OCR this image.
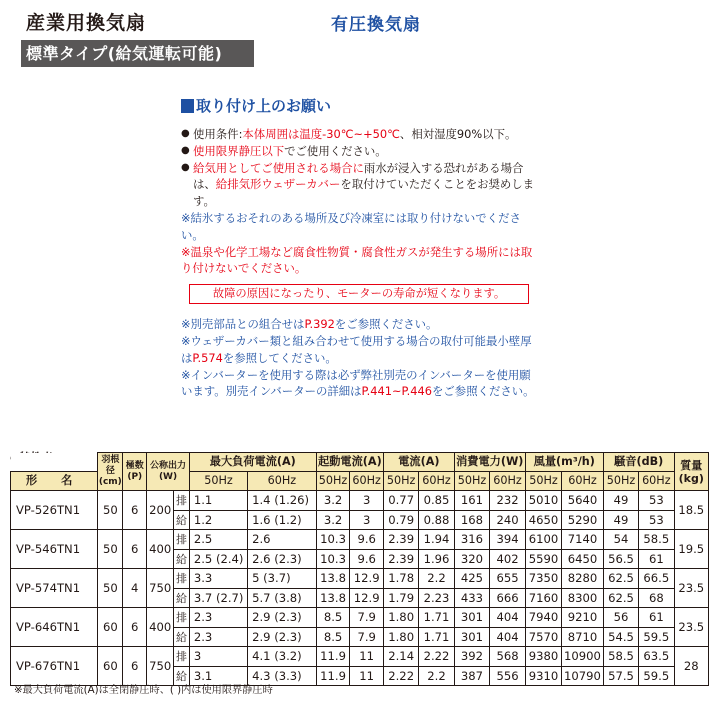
産業用換気扇	有圧換気扇
標準タイプ(給気運転可能)
取り付け上のお願い
● 使用条件:本体周囲は温度-30℃~+50℃、相対湿度90%以下。
● 使用限界静圧以下でご使用ください。
● 給気用としてご使用される場合に雨水が浸入する恐れがある場合は、給排気形ウェザーカバーを取付けていただくことをお奨めします。
※結氷するおそれのある場所及び冷凍室には取り付けないでください。
※温泉や化学工場など腐食性物質・腐食性ガスが発生する場所には取り付けないでください。
故障の原因になったり、モーターの寿命が短くなります。
※別売部品との組合せはP.392をご参照ください。
※ウェザーカバー類と組み合わせて使用する場合の取付可能最小壁厚はP.574を参照してください。
※インバーターを使用する際は必ず弊社別売のインバーターを使用願います。別売インバーターの詳細はP.441~P.446をご参照ください。
	羽根径(cm)	極数(P)	公称出力(W)		最大負荷電流(A)		起動電流(A)		電流(A)		消費電力(W)		風量(m³/h)		騒音(dB)		質量(kg)
形 名					50Hz	60Hz	50Hz	60Hz	50Hz	60Hz	50Hz	60Hz	50Hz	60Hz	50Hz	60Hz	
VP-526TN1	50	6	200	排	1.1	1.4 (1.26)	3.2	3	0.77	0.85	161	232	5010	5640	49	53	18.5
				給	1.2	1.6 (1.2)	3.2	3	0.79	0.88	168	240	4650	5290	49	53	
VP-546TN1	50	6	400	排	2.5	2.6	10.3	9.6	2.39	1.94	316	394	6100	7140	54	58.5	19.5
				給	2.5 (2.4)	2.6 (2.3)	10.3	9.6	2.39	1.96	320	402	5590	6450	56.5	61	
VP-574TN1	50	4	750	排	3.3	5 (3.7)	13.8	12.9	1.78	2.2	425	655	7350	8280	62.5	66.5	23.5
				給	3.7 (2.7)	5.7 (3.8)	13.8	12.9	1.79	2.23	433	666	7160	8300	62.5	68	
VP-646TN1	60	6	400	排	2.3	2.9 (2.3)	8.5	7.9	1.80	1.71	301	404	7940	9210	56	61	23.5
				給	2.3	2.9 (2.3)	8.5	7.9	1.80	1.71	301	404	7570	8710	54.5	59.5	
VP-676TN1	60	6	750	排	3	4.1 (3.2)	11.9	11	2.14	2.22	392	568	9380	10900	58.5	63.5	28
				給	3.1	4.3 (3.3)	11.9	11	2.22	2.2	387	556	9310	10790	57.5	59.5	
※最大負荷電流(A)は全閉静圧時、( )内は使用限界静圧時
